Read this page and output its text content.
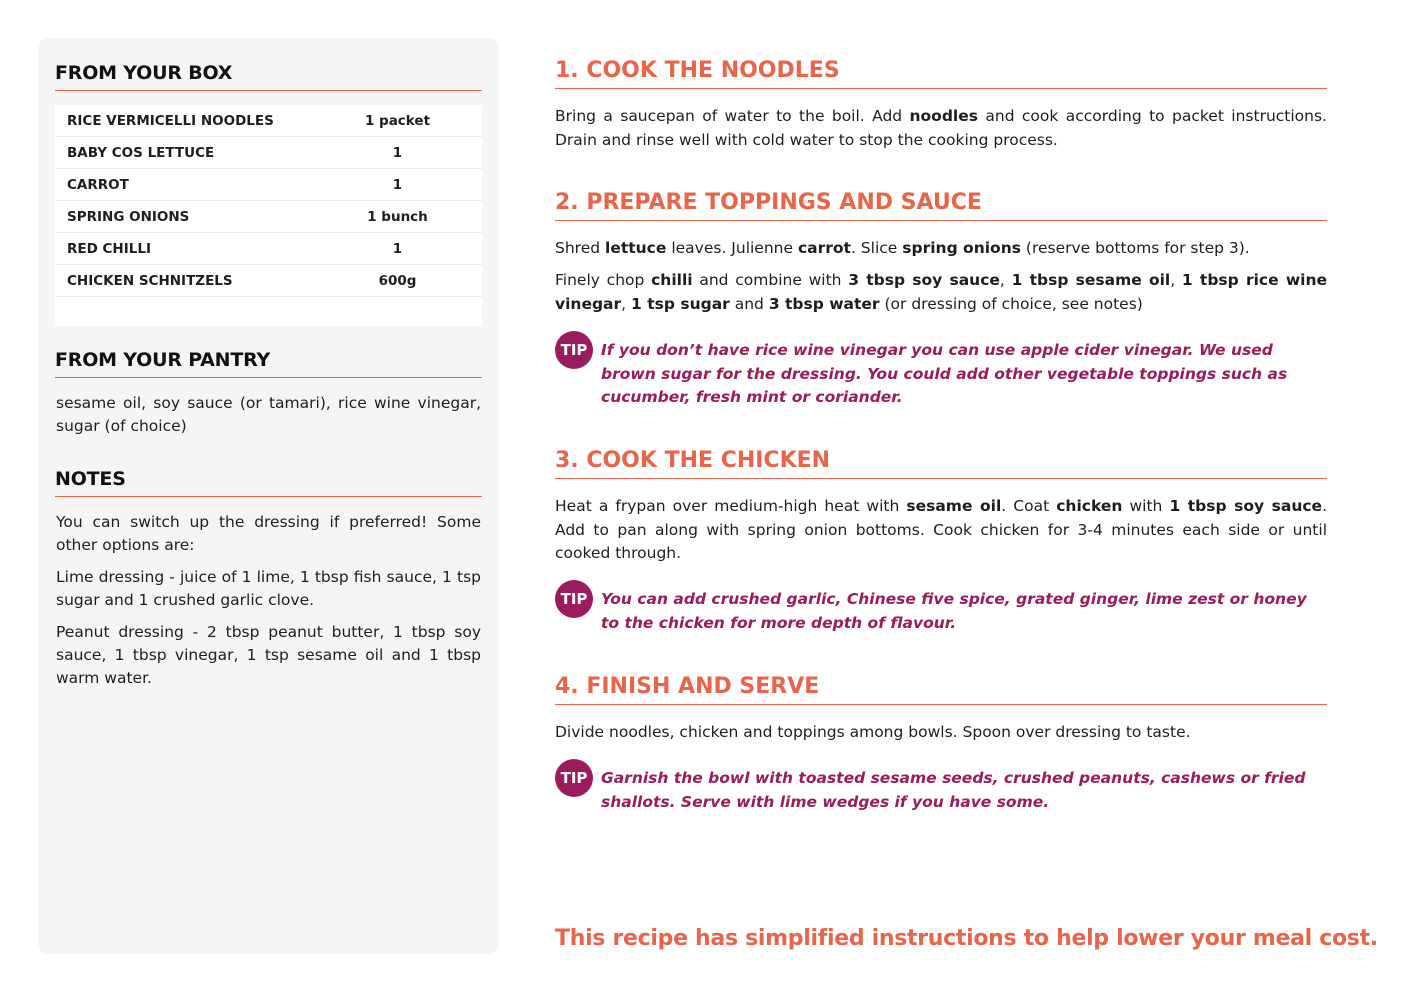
FROM YOUR BOX
RICE VERMICELLI NOODLES	1 packet
BABY COS LETTUCE	1
CARROT	1
SPRING ONIONS	1 bunch
RED CHILLI	1
CHICKEN SCHNITZELS	600g
FROM YOUR PANTRY

sesame oil, soy sauce (or tamari), rice wine vinegar, sugar (of choice)

NOTES

You can switch up the dressing if preferred! Some other options are:

Lime dressing - juice of 1 lime, 1 tbsp fish sauce, 1 tsp sugar and 1 crushed garlic clove.

Peanut dressing - 2 tbsp peanut butter, 1 tbsp soy sauce, 1 tbsp vinegar, 1 tsp sesame oil and 1 tbsp warm water.

1. COOK THE NOODLES
Bring a saucepan of water to the boil. Add noodles and cook according to packet instructions. Drain and rinse well with cold water to stop the cooking process.
2. PREPARE TOPPINGS AND SAUCE
Shred lettuce leaves. Julienne carrot. Slice spring onions (reserve bottoms for step 3).
Finely chop chilli and combine with 3 tbsp soy sauce, 1 tbsp sesame oil, 1 tbsp rice wine vinegar, 1 tsp sugar and 3 tbsp water (or dressing of choice, see notes)
TIP If you don’t have rice wine vinegar you can use apple cider vinegar. We used brown sugar for the dressing. You could add other vegetable toppings such as cucumber, fresh mint or coriander.
3. COOK THE CHICKEN
Heat a frypan over medium-high heat with sesame oil. Coat chicken with 1 tbsp soy sauce. Add to pan along with spring onion bottoms. Cook chicken for 3-4 minutes each side or until cooked through.
TIP You can add crushed garlic, Chinese five spice, grated ginger, lime zest or honey to the chicken for more depth of flavour.
4. FINISH AND SERVE
Divide noodles, chicken and toppings among bowls. Spoon over dressing to taste.
TIP Garnish the bowl with toasted sesame seeds, crushed peanuts, cashews or fried shallots. Serve with lime wedges if you have some.
This recipe has simplified instructions to help lower your meal cost.
